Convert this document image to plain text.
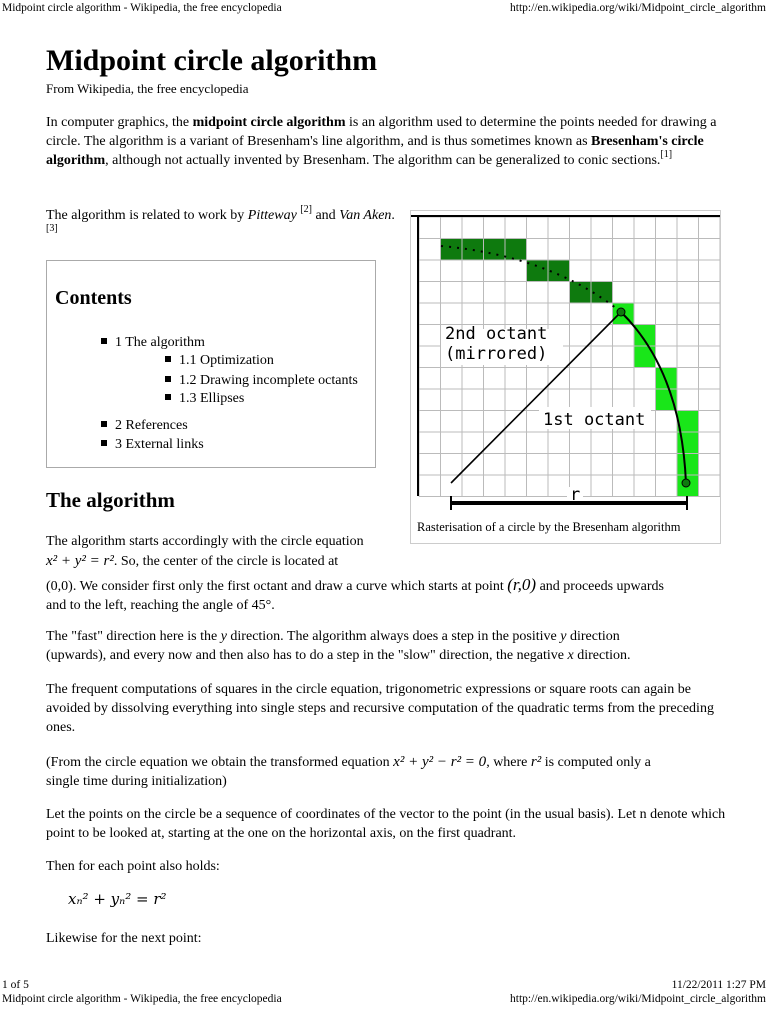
Midpoint circle algorithm - Wikipedia, the free encyclopedia	http://en.wikipedia.org/wiki/Midpoint_circle_algorithm
Midpoint circle algorithm
From Wikipedia, the free encyclopedia

In computer graphics, the midpoint circle algorithm is an algorithm used to determine the points needed for drawing a circle. The algorithm is a variant of Bresenham's line algorithm, and is thus sometimes known as Bresenham's circle algorithm, although not actually invented by Bresenham. The algorithm can be generalized to conic sections.[1]

The algorithm is related to work by Pitteway [2] and Van Aken.[3]

Contents
1 The algorithm
1.1 Optimization
1.2 Drawing incomplete octants
1.3 Ellipses
2 References
3 External links
2nd octant
(mirrored)
1st octant
r
Rasterisation of a circle by the Bresenham algorithm
The algorithm

The algorithm starts accordingly with the circle equation

x² + y² = r². So, the center of the circle is located at

(0,0). We consider first only the first octant and draw a curve which starts at point (r,0) and proceeds upwards
and to the left, reaching the angle of 45°.

The "fast" direction here is the y direction. The algorithm always does a step in the positive y direction
(upwards), and every now and then also has to do a step in the "slow" direction, the negative x direction.

The frequent computations of squares in the circle equation, trigonometric expressions or square roots can again be avoided by dissolving everything into single steps and recursive computation of the quadratic terms from the preceding ones.

(From the circle equation we obtain the transformed equation x² + y² − r² = 0, where r² is computed only a
single time during initialization)

Let the points on the circle be a sequence of coordinates of the vector to the point (in the usual basis). Let n denote which point to be looked at, starting at the one on the horizontal axis, on the first quadrant.

Then for each point also holds:

xₙ² + yₙ² = r²

Likewise for the next point:

1 of 5	11/22/2011 1:27 PM
Midpoint circle algorithm - Wikipedia, the free encyclopedia	http://en.wikipedia.org/wiki/Midpoint_circle_algorithm
